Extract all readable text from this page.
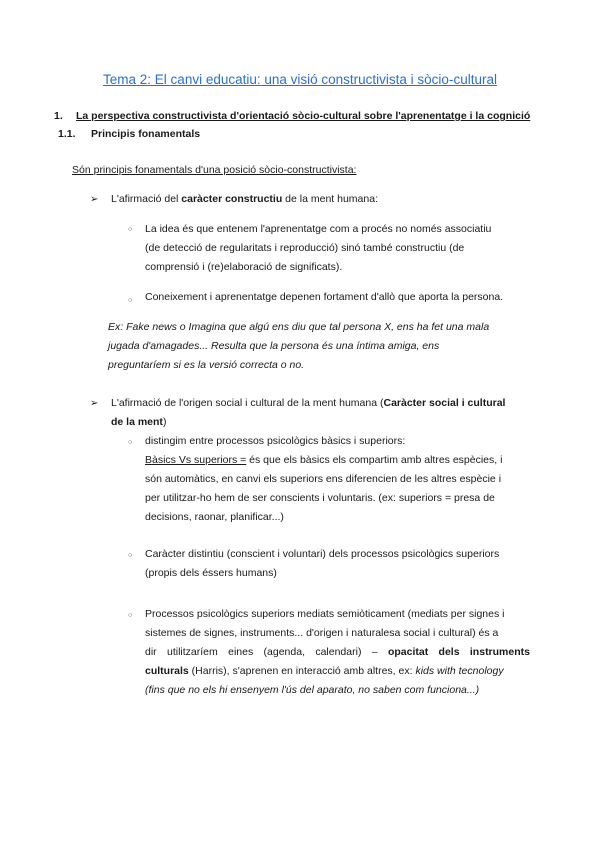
Tema 2: El canvi educatiu: una visió constructivista i sòcio-cultural
1. La perspectiva constructivista d'orientació sòcio-cultural sobre l'aprenentatge i la cognició
1.1. Principis fonamentals
Són principis fonamentals d'una posició sòcio-constructivista:
➢ L'afirmació del caràcter constructiu de la ment humana:
○ La idea és que entenem l'aprenentatge com a procés no només associatiu
(de detecció de regularitats i reproducció) sinó també constructiu (de
comprensió i (re)elaboració de significats).
○ Coneixement i aprenentatge depenen fortament d'allò que aporta la persona.
Ex: Fake news o Imagina que algú ens diu que tal persona X, ens ha fet una mala
jugada d'amagades... Resulta que la persona és una íntima amiga, ens
preguntaríem si es la versió correcta o no.
➢ L'afirmació de l'origen social i cultural de la ment humana (Caràcter social i cultural
de la ment)
○ distingim entre processos psicològics bàsics i superiors:
Bàsics Vs superiors = és que els bàsics els compartim amb altres espècies, i
són automàtics, en canvi els superiors ens diferencien de les altres espècie i
per utilitzar-ho hem de ser conscients i voluntaris. (ex: superiors = presa de
decisions, raonar, planificar...)
○ Caràcter distintiu (conscient i voluntari) dels processos psicològics superiors
(propis dels éssers humans)
○ Processos psicològics superiors mediats semiòticament (mediats per signes i
sistemes de signes, instruments... d'origen i naturalesa social i cultural) és a
dir utilitzaríem eines (agenda, calendari) – opacitat dels instruments
culturals (Harris), s'aprenen en interacció amb altres, ex: kids with tecnology
(fins que no els hi ensenyem l'ús del aparato, no saben com funciona...)
